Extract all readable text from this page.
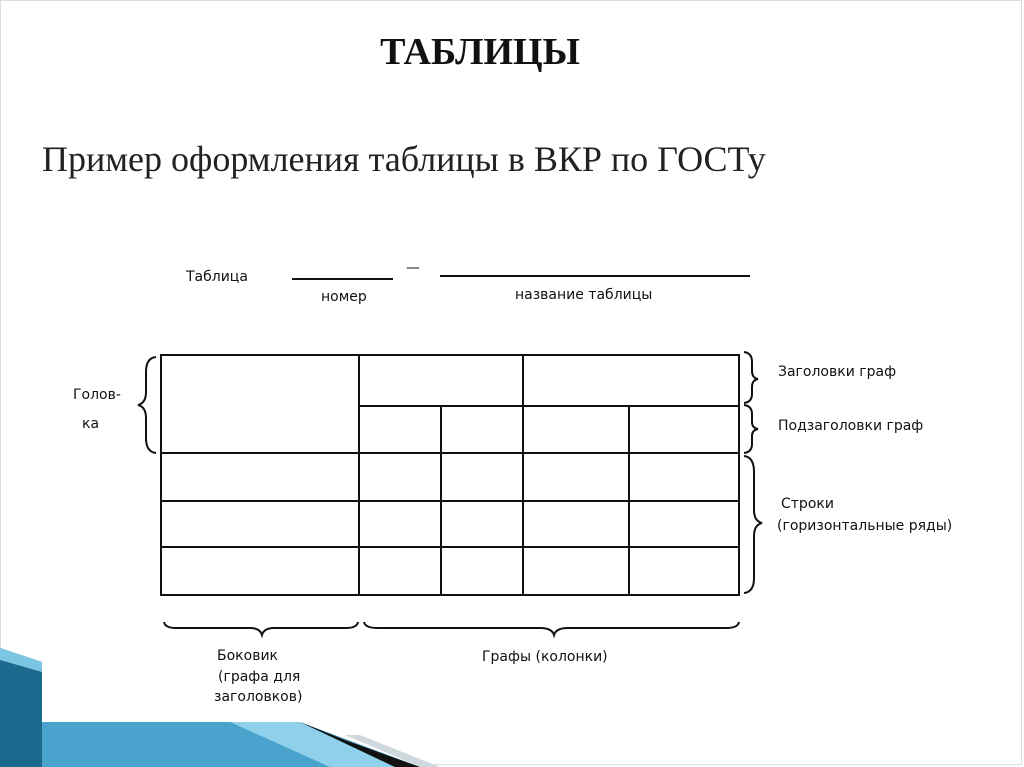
ТАБЛИЦЫ
Пример оформления таблицы в ВКР по ГОСТу
Таблица
—
номер	название таблицы
Голов-
ка
Заголовки граф
Подзаголовки граф
Строки
(горизонтальные ряды)
Боковик
(графа для
заголовков)
Графы (колонки)
